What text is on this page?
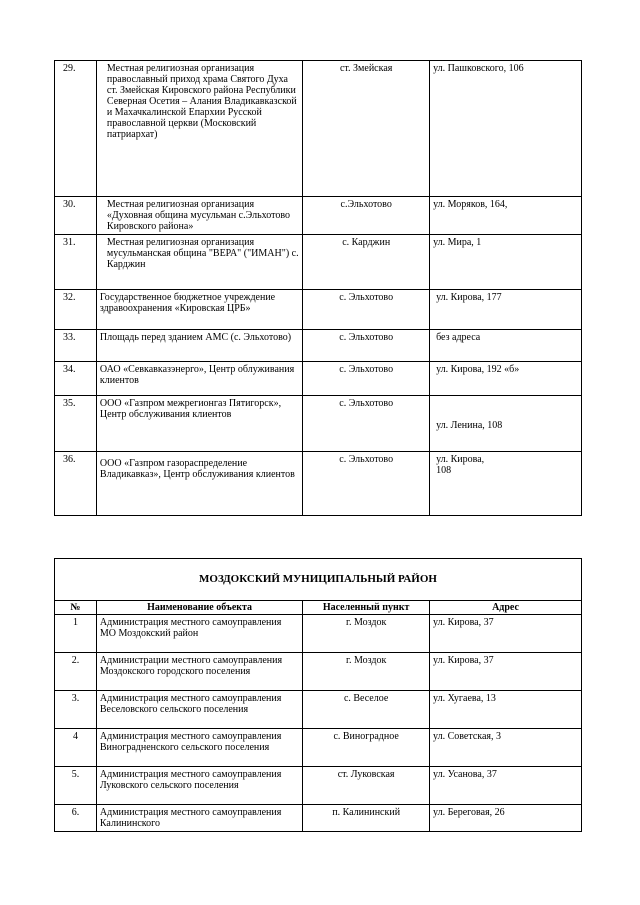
29.	Местная религиозная организация православный приход храма Святого Духа ст. Змейская Кировского района Республики Северная Осетия – Алания Владикавказской и Махачкалинской Епархии Русской православной церкви (Московский патриархат)	ст. Змейская	ул. Пашковского, 106
30.	Местная религиозная организация «Духовная община мусульман с.Эльхотово Кировского района»	с.Эльхотово	ул. Моряков, 164,
31.	Местная религиозная организация мусульманская община "ВЕРА" ("ИМАН") с. Карджин	с. Карджин	ул. Мира, 1
32.	Государственное бюджетное учреждение здравоохранения «Кировская ЦРБ»	с. Эльхотово	ул. Кирова, 177
33.	Площадь перед зданием АМС (с. Эльхотово)	с. Эльхотово	без адреса
34.	ОАО «Севкавказэнерго», Центр облуживания клиентов	с. Эльхотово	ул. Кирова, 192 «б»
35.	ООО «Газпром межрегионгаз Пятигорск», Центр обслуживания клиентов	с. Эльхотово	ул. Ленина, 108
36.	ООО «Газпром газораспределение Владикавказ», Центр обслуживания клиентов	с. Эльхотово	ул. Кирова, 108
МОЗДОКСКИЙ МУНИЦИПАЛЬНЫЙ РАЙОН			
№	Наименование объекта	Населенный пункт	Адрес
1	Администрация местного самоуправления МО Моздокский район	г. Моздок	ул. Кирова, 37
2.	Администрации местного самоуправления Моздокского городского поселения	г. Моздок	ул. Кирова, 37
3.	Администрация местного самоуправления Веселовского сельского поселения	с. Веселое	ул. Хугаева, 13

4	Администрация местного самоуправления Виноградненского сельского поселения	с. Виноградное	ул. Советская, 3
5.	Администрация местного самоуправления Луковского сельского поселения	ст. Луковская	ул. Усанова, 37
6.	Администрация местного самоуправления Калининского	п. Калининский	ул. Береговая, 26
